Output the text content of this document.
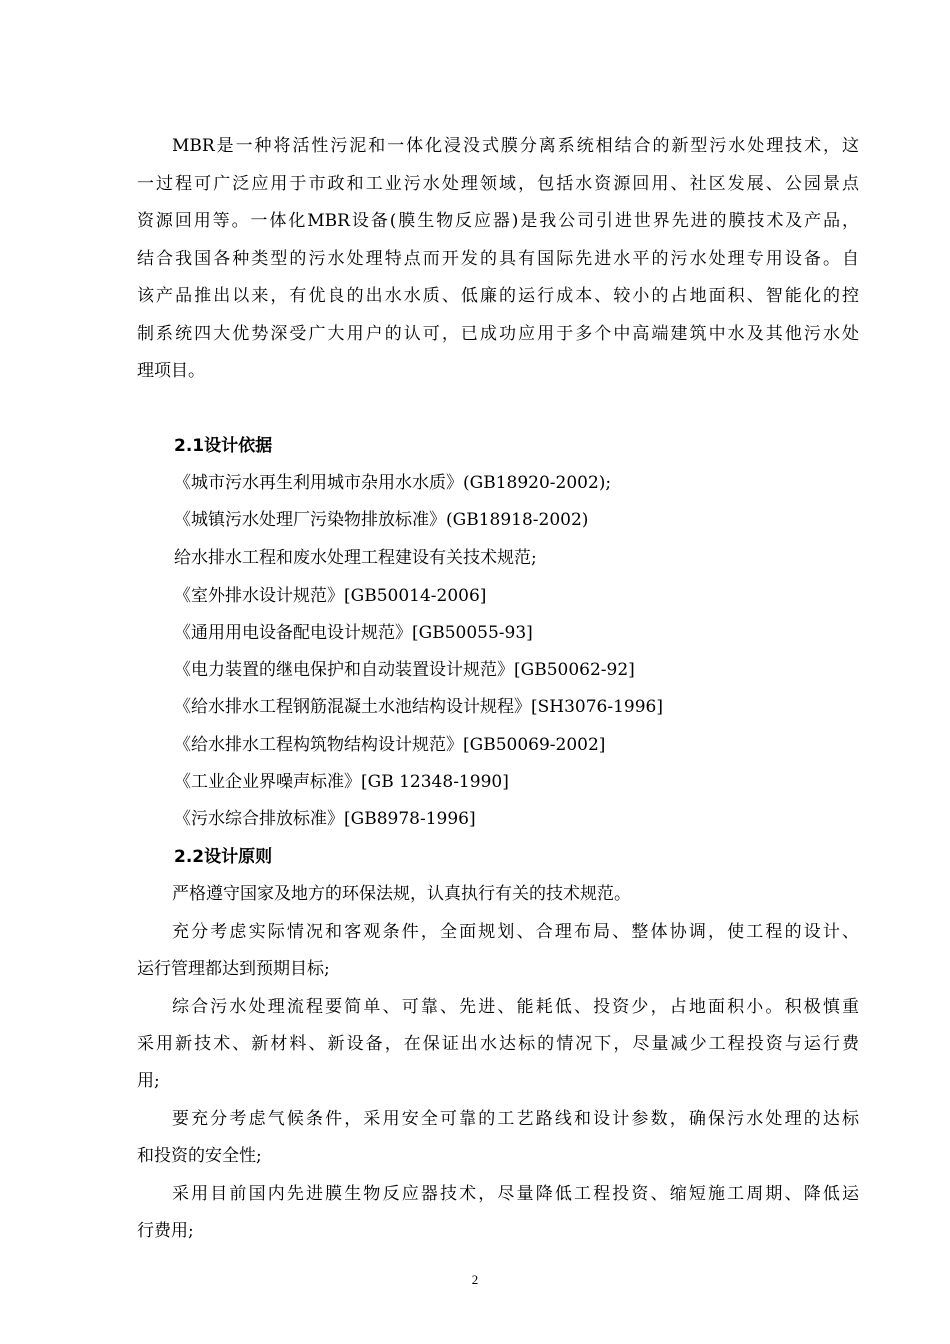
MBR是一种将活性污泥和一体化浸没式膜分离系统相结合的新型污水处理技术，这
一过程可广泛应用于市政和工业污水处理领域，包括水资源回用、社区发展、公园景点
资源回用等。一体化MBR设备(膜生物反应器)是我公司引进世界先进的膜技术及产品，
结合我国各种类型的污水处理特点而开发的具有国际先进水平的污水处理专用设备。自
该产品推出以来，有优良的出水水质、低廉的运行成本、较小的占地面积、智能化的控
制系统四大优势深受广大用户的认可，已成功应用于多个中高端建筑中水及其他污水处
理项目。
2.1设计依据
《城市污水再生利用城市杂用水水质》(GB18920-2002);
《城镇污水处理厂污染物排放标准》(GB18918-2002)
给水排水工程和废水处理工程建设有关技术规范;
《室外排水设计规范》[GB50014-2006]
《通用用电设备配电设计规范》[GB50055-93]
《电力装置的继电保护和自动装置设计规范》[GB50062-92]
《给水排水工程钢筋混凝土水池结构设计规程》[SH3076-1996]
《给水排水工程构筑物结构设计规范》[GB50069-2002]
《工业企业界噪声标准》[GB 12348-1990]
《污水综合排放标准》[GB8978-1996]
2.2设计原则
严格遵守国家及地方的环保法规，认真执行有关的技术规范。
充分考虑实际情况和客观条件，全面规划、合理布局、整体协调，使工程的设计、
运行管理都达到预期目标;
综合污水处理流程要简单、可靠、先进、能耗低、投资少，占地面积小。积极慎重
采用新技术、新材料、新设备，在保证出水达标的情况下，尽量减少工程投资与运行费
用;
要充分考虑气候条件，采用安全可靠的工艺路线和设计参数，确保污水处理的达标
和投资的安全性;
采用目前国内先进膜生物反应器技术，尽量降低工程投资、缩短施工周期、降低运
行费用;
2
